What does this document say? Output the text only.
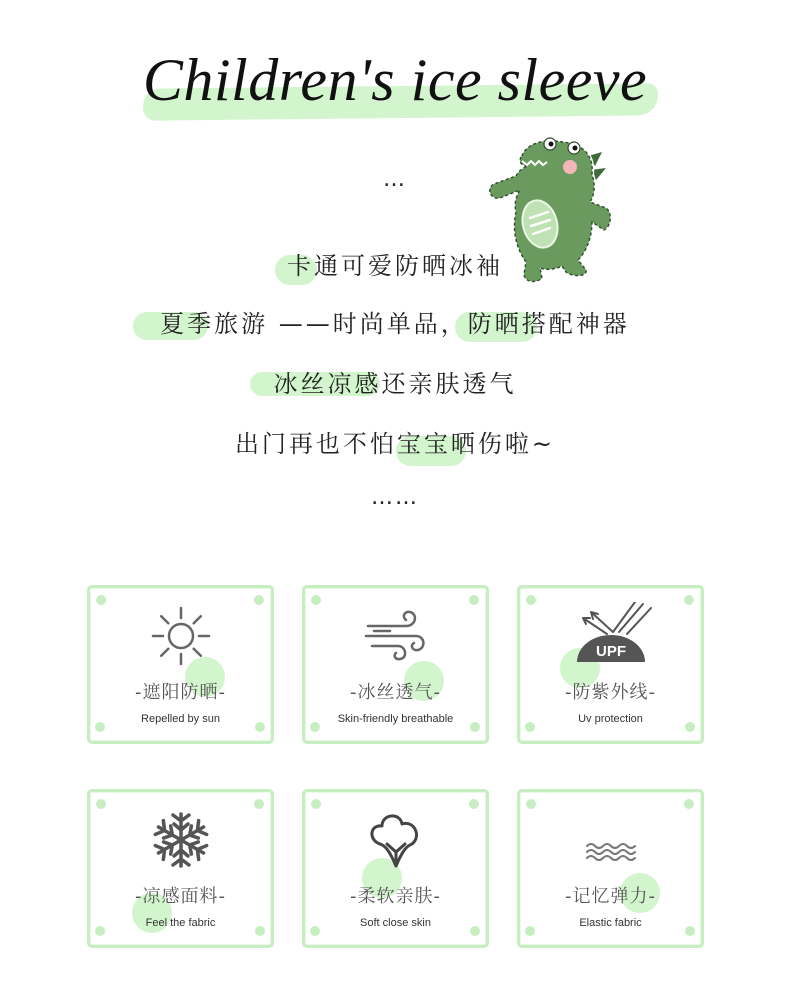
Children's ice sleeve
…
卡通可爱防晒冰袖
夏季旅游 ——时尚单品，防晒搭配神器
冰丝凉感还亲肤透气
出门再也不怕宝宝晒伤啦~
……
-遮阳防晒-
Repelled by sun
-冰丝透气-
Skin-friendly breathable
UPF
-防紫外线-
Uv protection
-凉感面料-
Feel the fabric
-柔软亲肤-
Soft close skin
-记忆弹力-
Elastic fabric
